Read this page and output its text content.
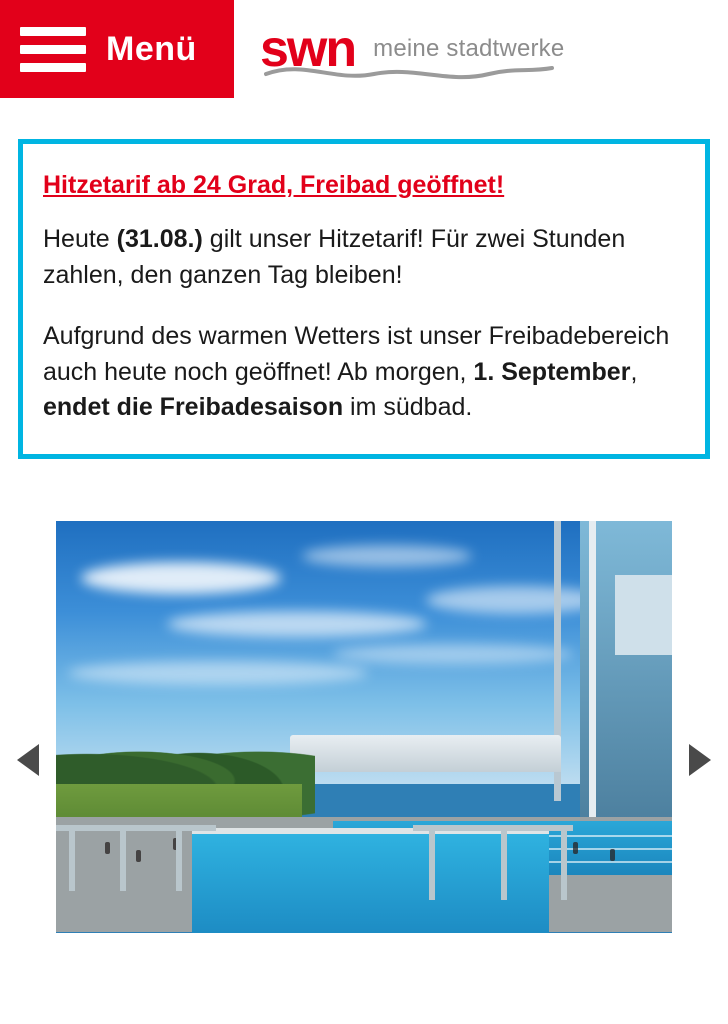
Menü swn meine stadtwerke
Hitzetarif ab 24 Grad, Freibad geöffnet!

Heute (31.08.) gilt unser Hitzetarif! Für zwei Stunden zahlen, den ganzen Tag bleiben!

Aufgrund des warmen Wetters ist unser Freibadebereich auch heute noch geöffnet! Ab morgen, 1. September, endet die Freibadesaison im südbad.
